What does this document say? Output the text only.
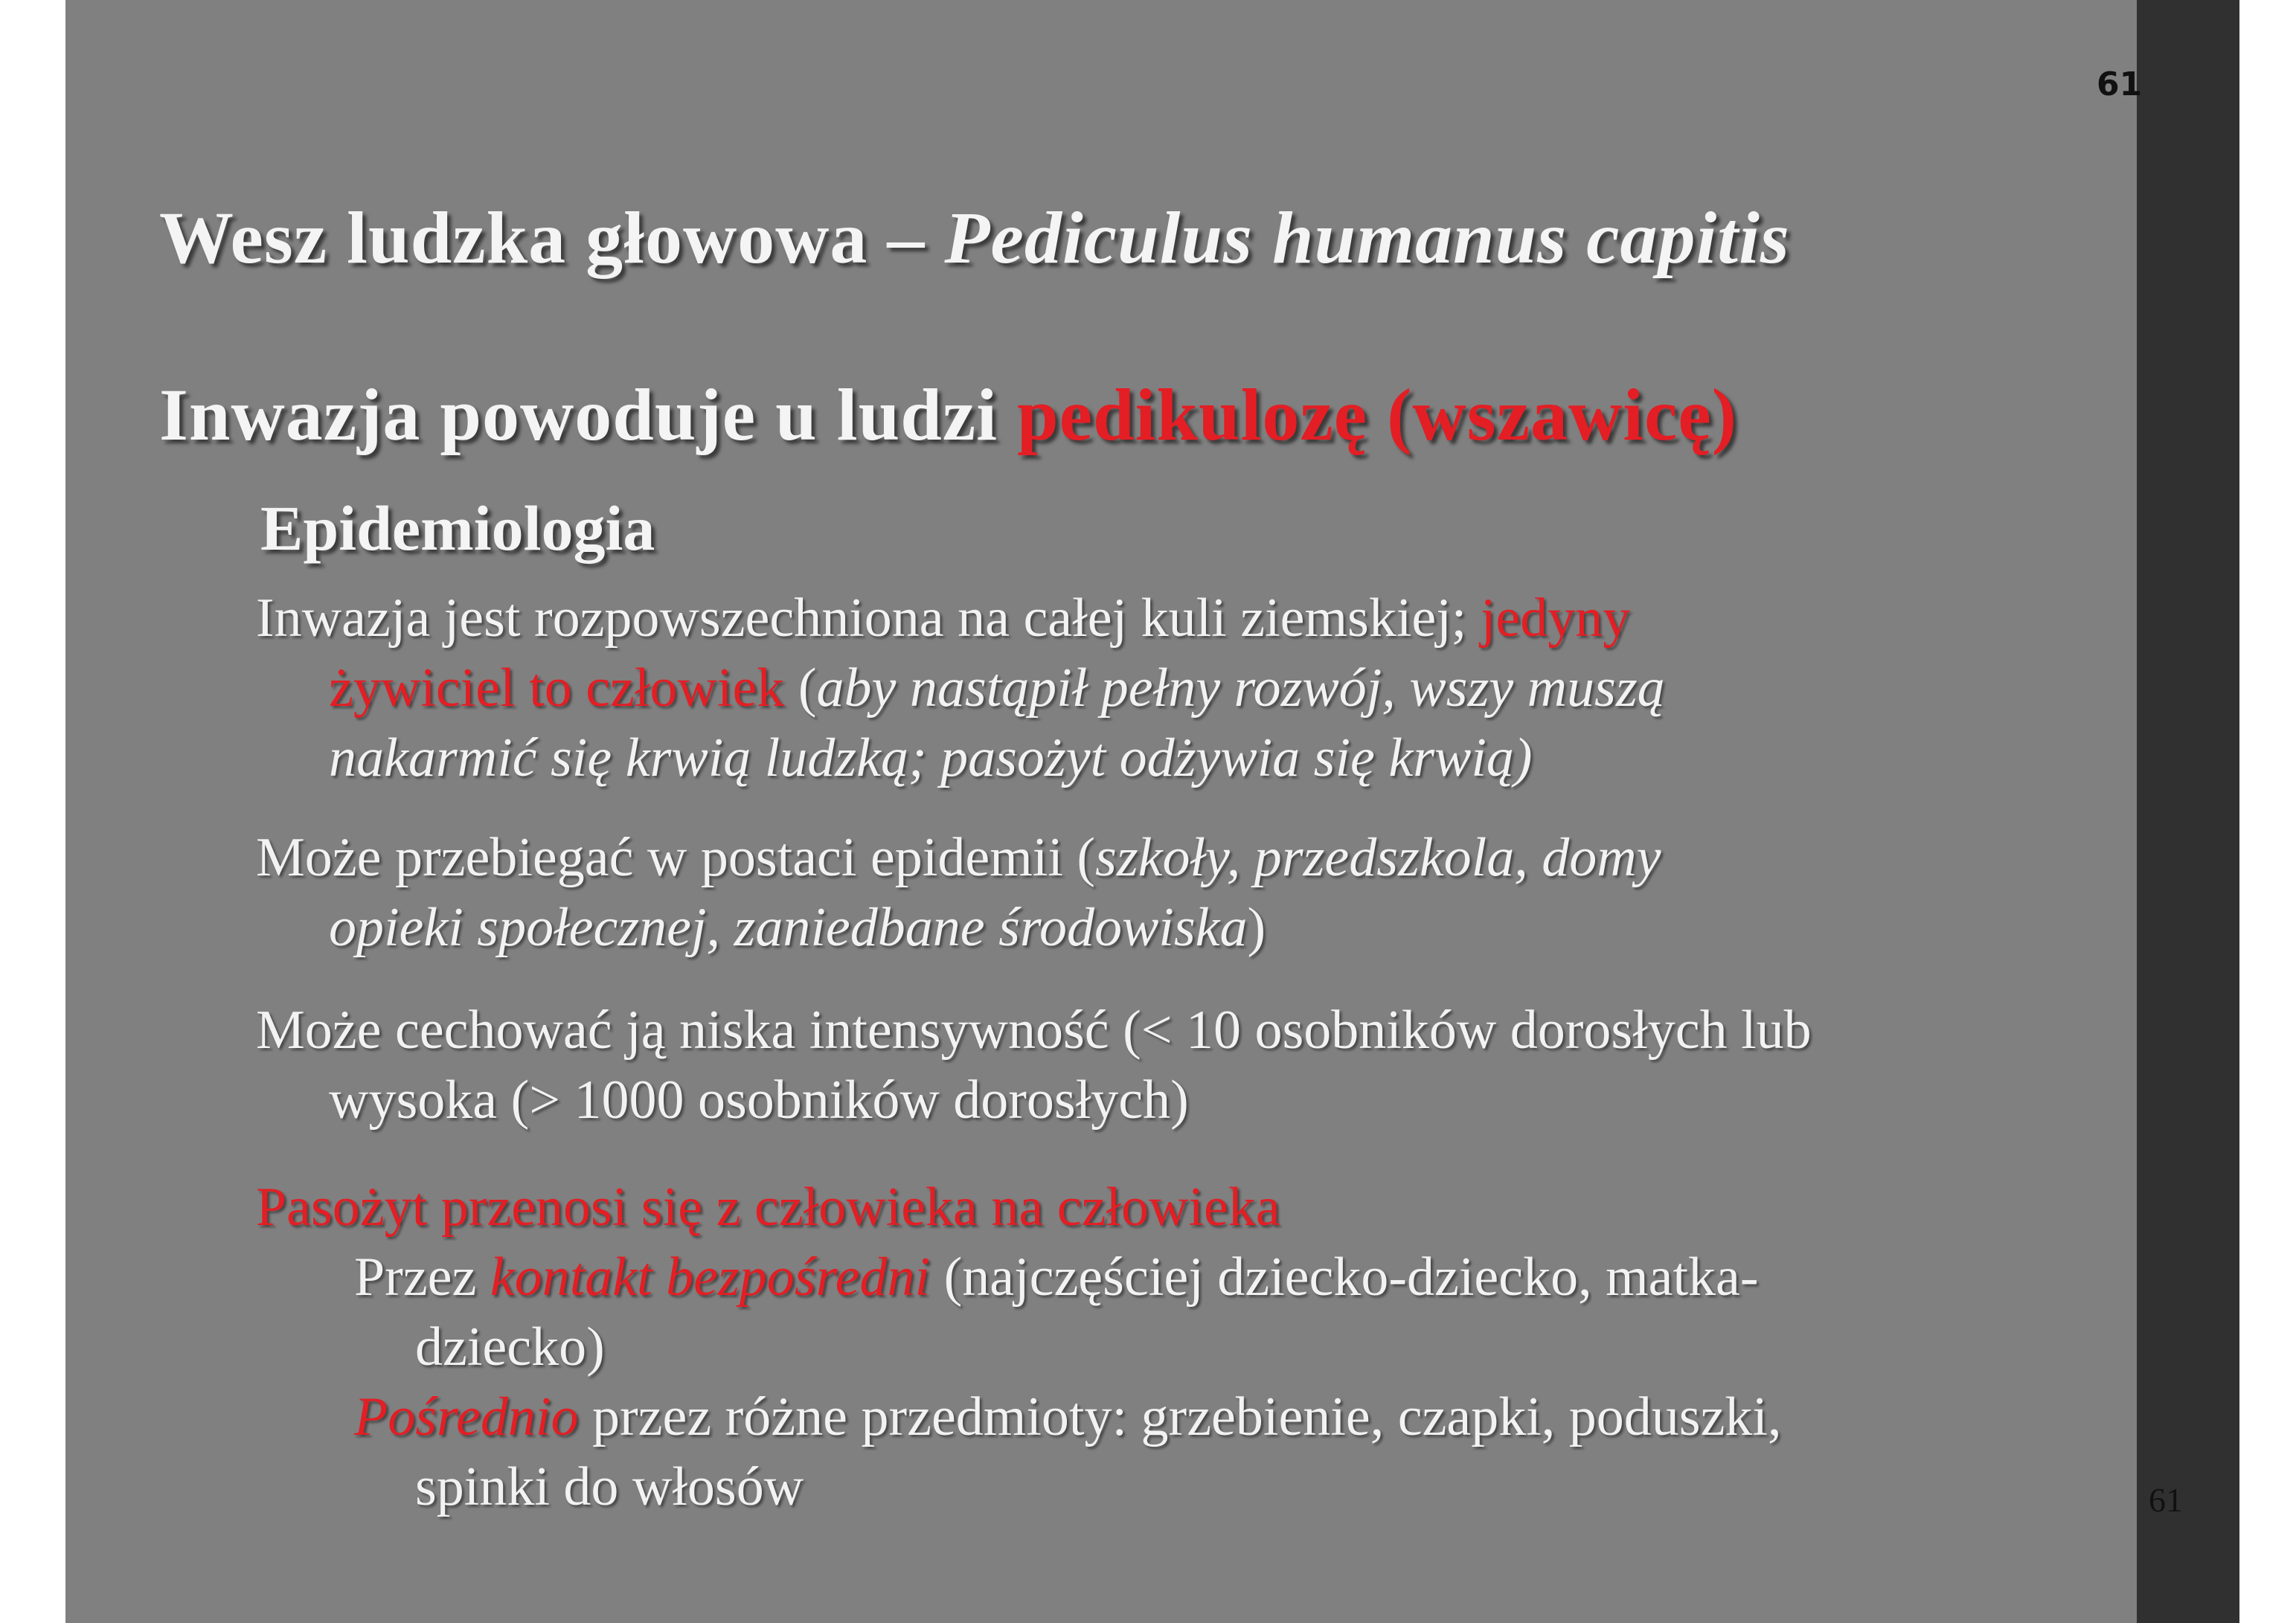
61
Wesz ludzka głowowa – Pediculus humanus capitis
Inwazja powoduje u ludzi pedikulozę (wszawicę)
Epidemiologia
Inwazja jest rozpowszechniona na całej kuli ziemskiej; jedyny
żywiciel to człowiek (aby nastąpił pełny rozwój, wszy muszą
nakarmić się krwią ludzką; pasożyt odżywia się krwią)
Może przebiegać w postaci epidemii (szkoły, przedszkola, domy
opieki społecznej, zaniedbane środowiska)
Może cechować ją niska intensywność (< 10 osobników dorosłych lub
wysoka (> 1000 osobników dorosłych)
Pasożyt przenosi się z człowieka na człowieka
Przez kontakt bezpośredni (najczęściej dziecko-dziecko, matka-
dziecko)
Pośrednio przez różne przedmioty: grzebienie, czapki, poduszki,
spinki do włosów	61
